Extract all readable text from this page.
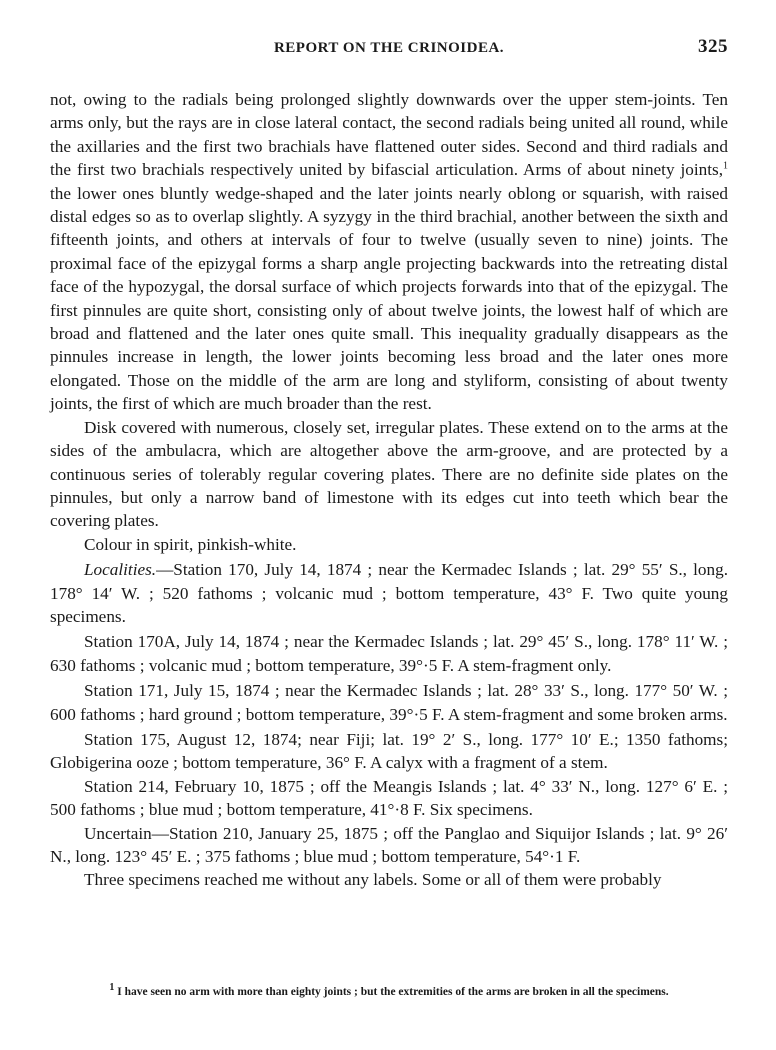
REPORT ON THE CRINOIDEA.	325

not, owing to the radials being prolonged slightly downwards over the upper stem-joints. Ten arms only, but the rays are in close lateral contact, the second radials being united all round, while the axillaries and the first two brachials have flattened outer sides. Second and third radials and the first two brachials respectively united by bifascial articulation. Arms of about ninety joints,$^1$ the lower ones bluntly wedge-shaped and the later joints nearly oblong or squarish, with raised distal edges so as to overlap slightly. A syzygy in the third brachial, another between the sixth and fifteenth joints, and others at intervals of four to twelve (usually seven to nine) joints. The proximal face of the epizygal forms a sharp angle projecting backwards into the retreating distal face of the hypozygal, the dorsal surface of which projects forwards into that of the epizygal. The first pinnules are quite short, consisting only of about twelve joints, the lowest half of which are broad and flattened and the later ones quite small. This inequality gradually disappears as the pinnules increase in length, the lower joints becoming less broad and the later ones more elongated. Those on the middle of the arm are long and styliform, consisting of about twenty joints, the first of which are much broader than the rest.

Disk covered with numerous, closely set, irregular plates. These extend on to the arms at the sides of the ambulacra, which are altogether above the arm-groove, and are protected by a continuous series of tolerably regular covering plates. There are no definite side plates on the pinnules, but only a narrow band of limestone with its edges cut into teeth which bear the covering plates.

Colour in spirit, pinkish-white.

Localities.—Station 170, July 14, 1874 ; near the Kermadec Islands ; lat. 29° 55′ S., long. 178° 14′ W. ; 520 fathoms ; volcanic mud ; bottom temperature, 43° F. Two quite young specimens.

Station 170A, July 14, 1874 ; near the Kermadec Islands ; lat. 29° 45′ S., long. 178° 11′ W. ; 630 fathoms ; volcanic mud ; bottom temperature, 39°·5 F. A stem-fragment only.

Station 171, July 15, 1874 ; near the Kermadec Islands ; lat. 28° 33′ S., long. 177° 50′ W. ; 600 fathoms ; hard ground ; bottom temperature, 39°·5 F. A stem-fragment and some broken arms.

Station 175, August 12, 1874; near Fiji; lat. 19° 2′ S., long. 177° 10′ E.; 1350 fathoms; Globigerina ooze ; bottom temperature, 36° F. A calyx with a fragment of a stem.

Station 214, February 10, 1875 ; off the Meangis Islands ; lat. 4° 33′ N., long. 127° 6′ E. ; 500 fathoms ; blue mud ; bottom temperature, 41°·8 F. Six specimens.

Uncertain—Station 210, January 25, 1875 ; off the Panglao and Siquijor Islands ; lat. 9° 26′ N., long. 123° 45′ E. ; 375 fathoms ; blue mud ; bottom temperature, 54°·1 F.

Three specimens reached me without any labels. Some or all of them were probably

$^1$ I have seen no arm with more than eighty joints ; but the extremities of the arms are broken in all the specimens.
